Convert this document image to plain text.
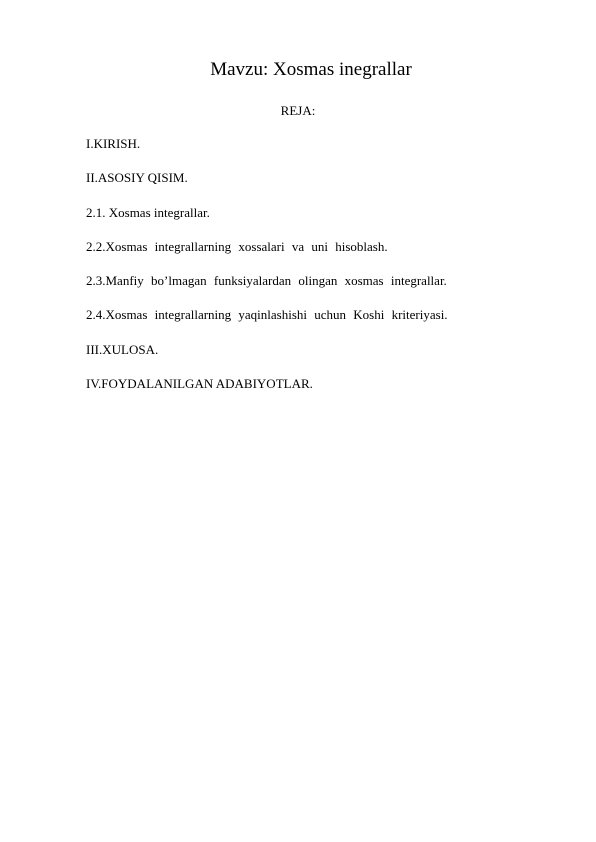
Mavzu: Xosmas inegrallar
REJA:
I.KIRISH.
II.ASOSIY QISIM.
2.1. Xosmas integrallar.
2.2.Xosmas integrallarning xossalari va uni hisoblash.
2.3.Manfiy bo’lmagan funksiyalardan olingan xosmas integrallar.
2.4.Xosmas integrallarning yaqinlashishi uchun Koshi kriteriyasi.
III.XULOSA.
IV.FOYDALANILGAN ADABIYOTLAR.
